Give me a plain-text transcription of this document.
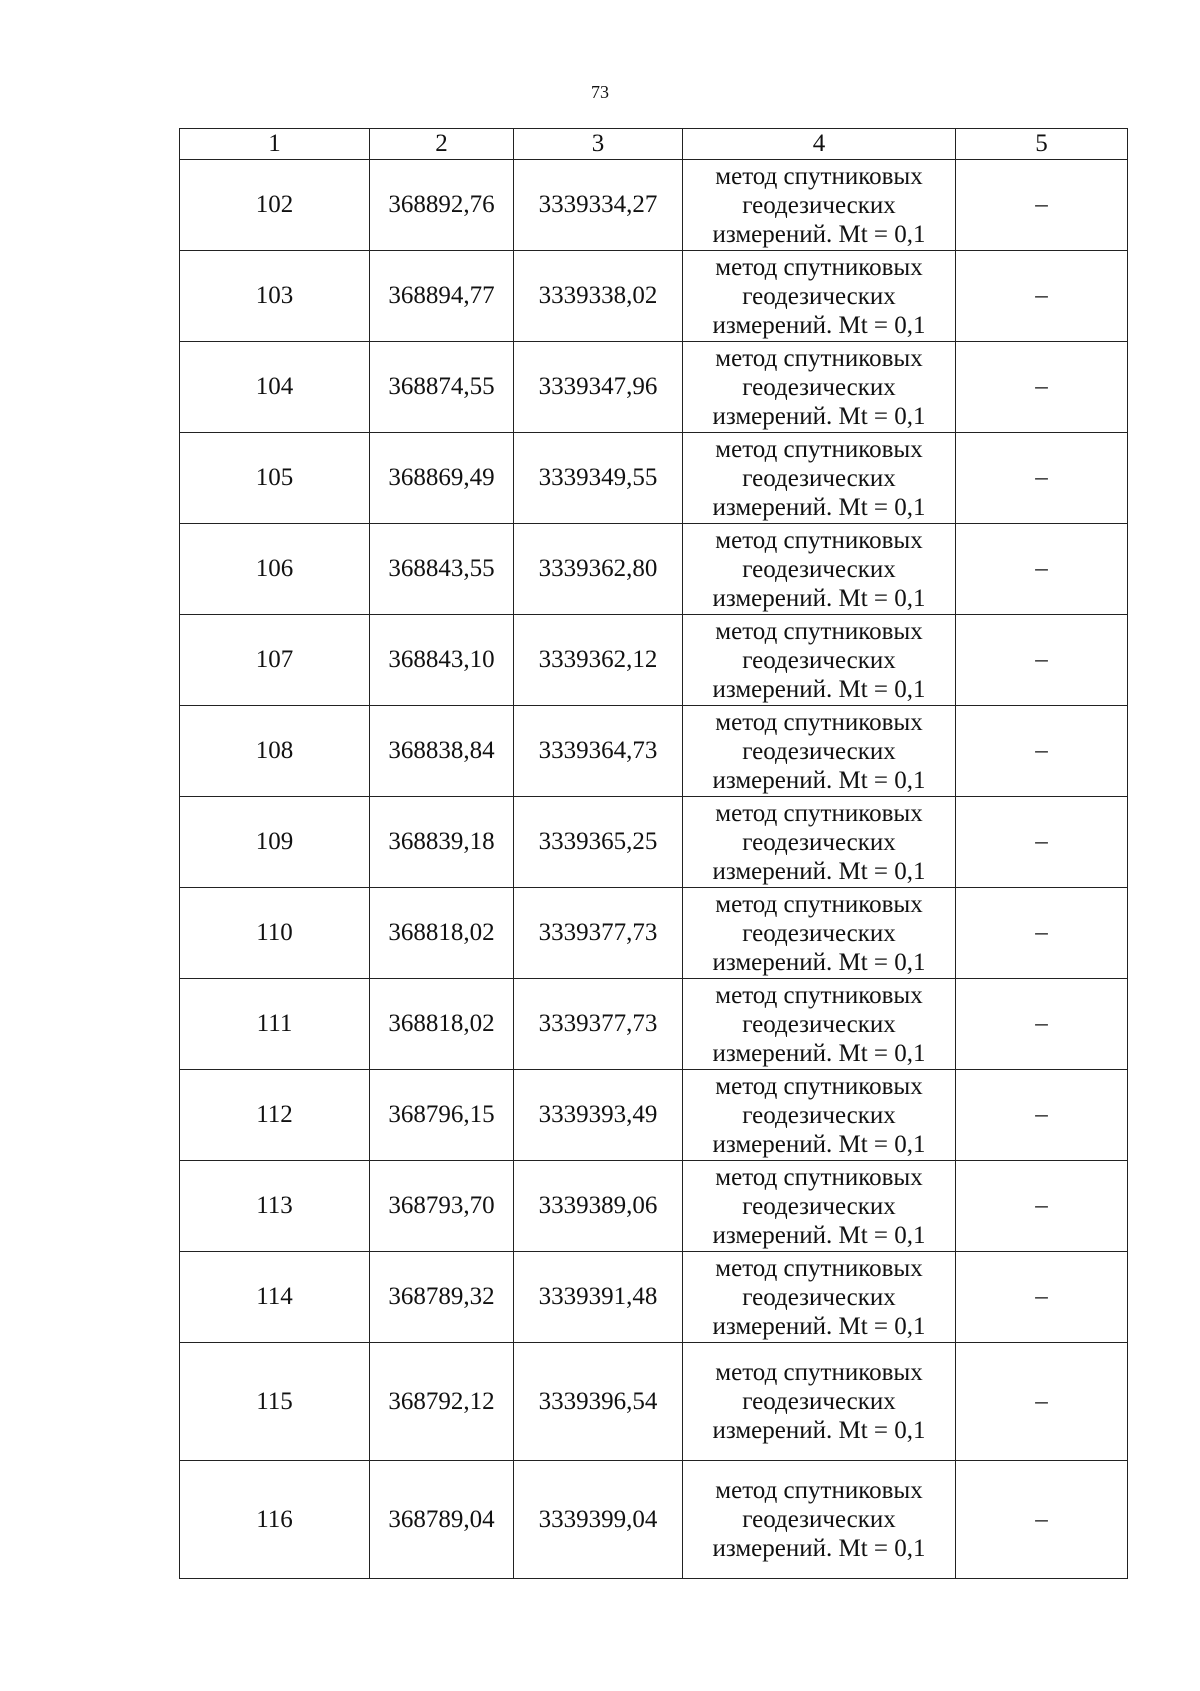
73
1	2	3	4	5
102	368892,76	3339334,27	метод спутниковых
геодезических
измерений. Mt = 0,1	–
103	368894,77	3339338,02	метод спутниковых
геодезических
измерений. Mt = 0,1	–
104	368874,55	3339347,96	метод спутниковых
геодезических
измерений. Mt = 0,1	–
105	368869,49	3339349,55	метод спутниковых
геодезических
измерений. Mt = 0,1	–
106	368843,55	3339362,80	метод спутниковых
геодезических
измерений. Mt = 0,1	–
107	368843,10	3339362,12	метод спутниковых
геодезических
измерений. Mt = 0,1	–
108	368838,84	3339364,73	метод спутниковых
геодезических
измерений. Mt = 0,1	–
109	368839,18	3339365,25	метод спутниковых
геодезических
измерений. Mt = 0,1	–
110	368818,02	3339377,73	метод спутниковых
геодезических
измерений. Mt = 0,1	–
111	368818,02	3339377,73	метод спутниковых
геодезических
измерений. Mt = 0,1	–
112	368796,15	3339393,49	метод спутниковых
геодезических
измерений. Mt = 0,1	–
113	368793,70	3339389,06	метод спутниковых
геодезических
измерений. Mt = 0,1	–
114	368789,32	3339391,48	метод спутниковых
геодезических
измерений. Mt = 0,1	–
115	368792,12	3339396,54	метод спутниковых
геодезических
измерений. Mt = 0,1	–
116	368789,04	3339399,04	метод спутниковых
геодезических
измерений. Mt = 0,1	–
